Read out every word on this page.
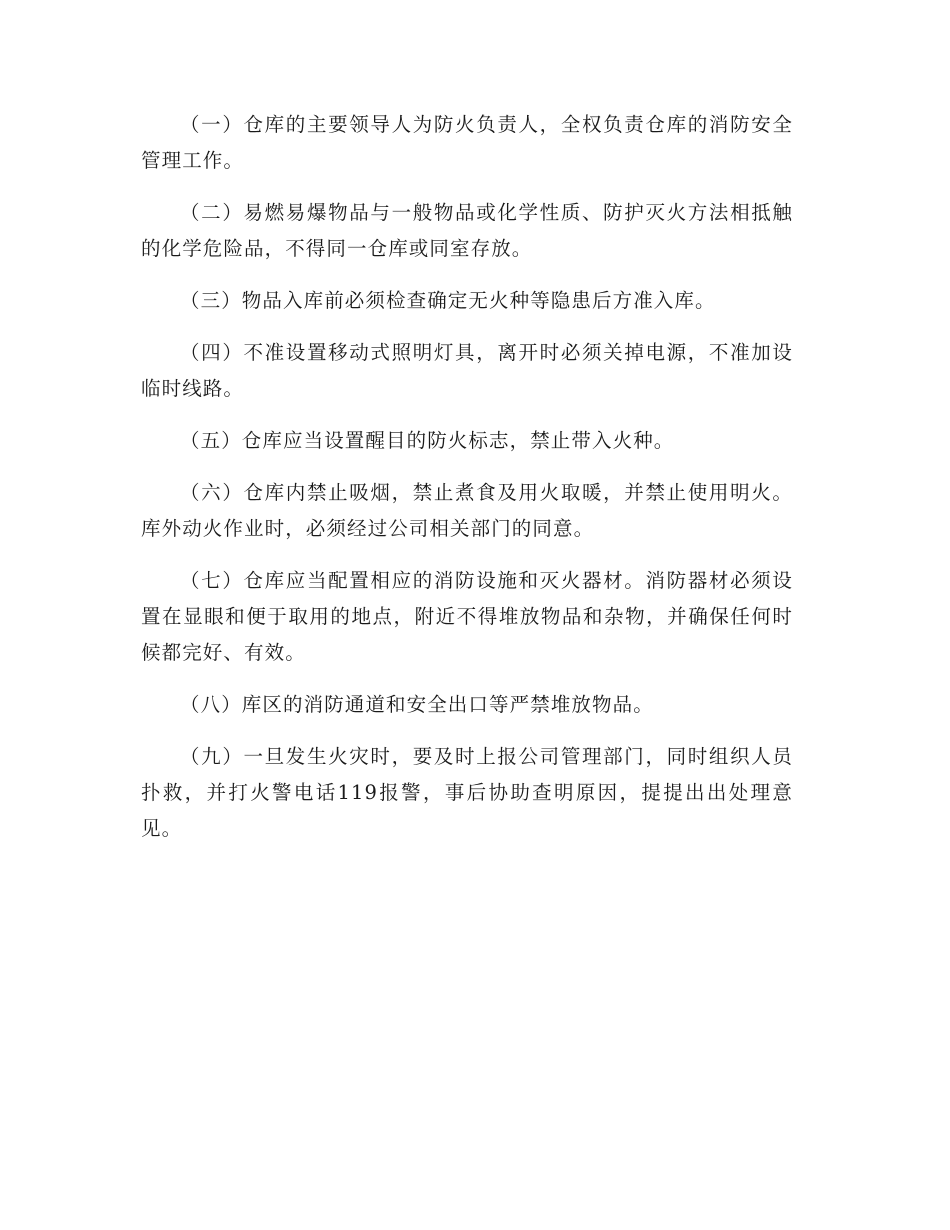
（一）仓库的主要领导人为防火负责人，全权负责仓库的消防安全管理工作。

（二）易燃易爆物品与一般物品或化学性质、防护灭火方法相抵触的化学危险品，不得同一仓库或同室存放。

（三）物品入库前必须检查确定无火种等隐患后方准入库。

（四）不准设置移动式照明灯具，离开时必须关掉电源，不准加设临时线路。

（五）仓库应当设置醒目的防火标志，禁止带入火种。

（六）仓库内禁止吸烟，禁止煮食及用火取暖，并禁止使用明火。库外动火作业时，必须经过公司相关部门的同意。

（七）仓库应当配置相应的消防设施和灭火器材。消防器材必须设置在显眼和便于取用的地点，附近不得堆放物品和杂物，并确保任何时候都完好、有效。

（八）库区的消防通道和安全出口等严禁堆放物品。

（九）一旦发生火灾时，要及时上报公司管理部门，同时组织人员扑救，并打火警电话119报警，事后协助查明原因，提提出出处理意见。
